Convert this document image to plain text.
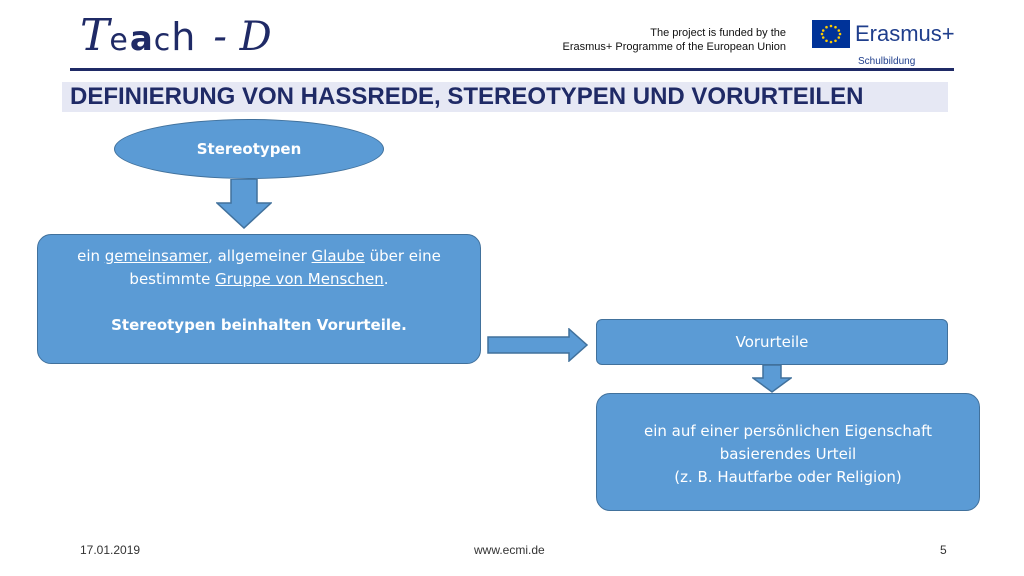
T e a c h - D	The project is funded by the
Erasmus+ Programme of the European Union
Erasmus+
Schulbildung
DEFINIERUNG VON HASSREDE, STEREOTYPEN UND VORURTEILEN
Stereotypen
ein gemeinsamer, allgemeiner Glaube über eine
bestimmte Gruppe von Menschen.
Stereotypen beinhalten Vorurteile.
Vorurteile
ein auf einer persönlichen Eigenschaft
basierendes Urteil
(z. B. Hautfarbe oder Religion)
17.01.2019	www.ecmi.de	5
